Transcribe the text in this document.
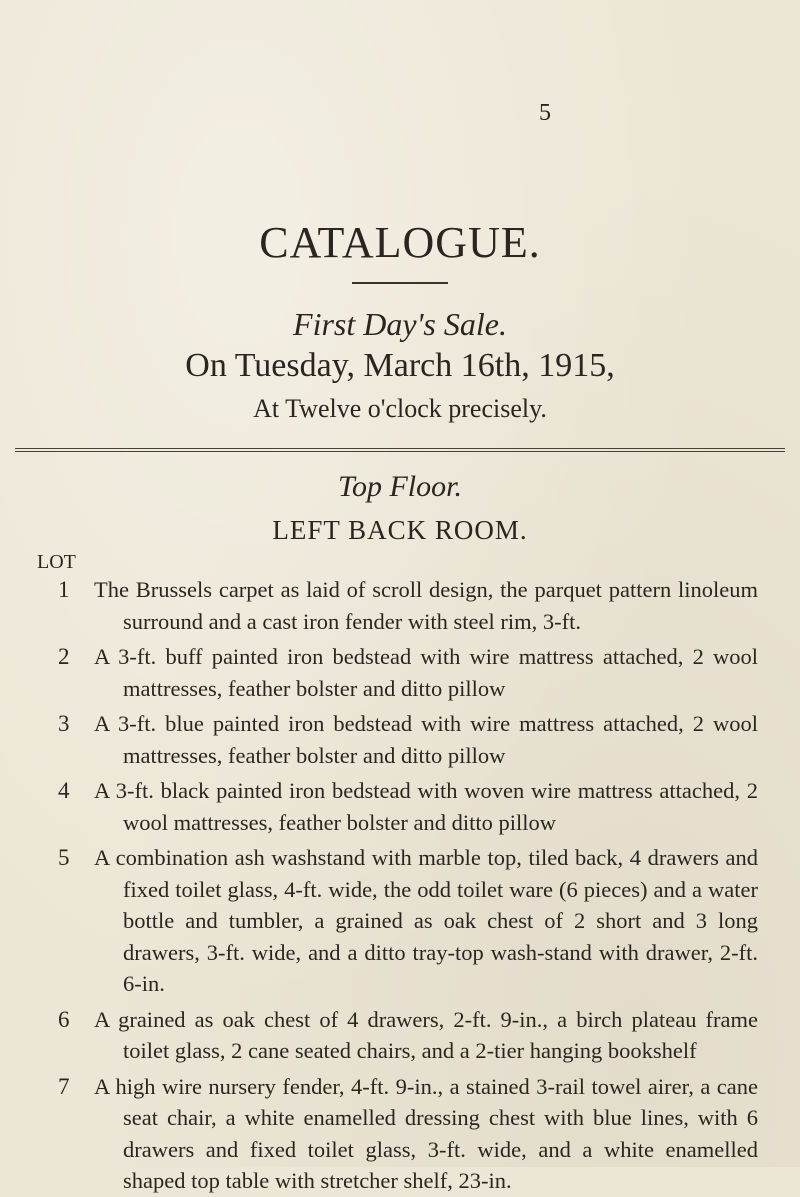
5
CATALOGUE.
First Day's Sale.
On Tuesday, March 16th, 1915,
At Twelve o'clock precisely.
Top Floor.
LEFT BACK ROOM.
LOT
1 The Brussels carpet as laid of scroll design, the parquet pattern linoleum surround and a cast iron fender with steel rim, 3-ft.
2 A 3-ft. buff painted iron bedstead with wire mattress attached, 2 wool mattresses, feather bolster and ditto pillow
3 A 3-ft. blue painted iron bedstead with wire mattress attached, 2 wool mattresses, feather bolster and ditto pillow
4 A 3-ft. black painted iron bedstead with woven wire mattress attached, 2 wool mattresses, feather bolster and ditto pillow
5 A combination ash washstand with marble top, tiled back, 4 drawers and fixed toilet glass, 4-ft. wide, the odd toilet ware (6 pieces) and a water bottle and tumbler, a grained as oak chest of 2 short and 3 long drawers, 3-ft. wide, and a ditto tray-top wash-stand with drawer, 2-ft. 6-in.
6 A grained as oak chest of 4 drawers, 2-ft. 9-in., a birch plateau frame toilet glass, 2 cane seated chairs, and a 2-tier hanging bookshelf
7 A high wire nursery fender, 4-ft. 9-in., a stained 3-rail towel airer, a cane seat chair, a white enamelled dressing chest with blue lines, with 6 drawers and fixed toilet glass, 3-ft. wide, and a white enamelled shaped top table with stretcher shelf, 23-in.
